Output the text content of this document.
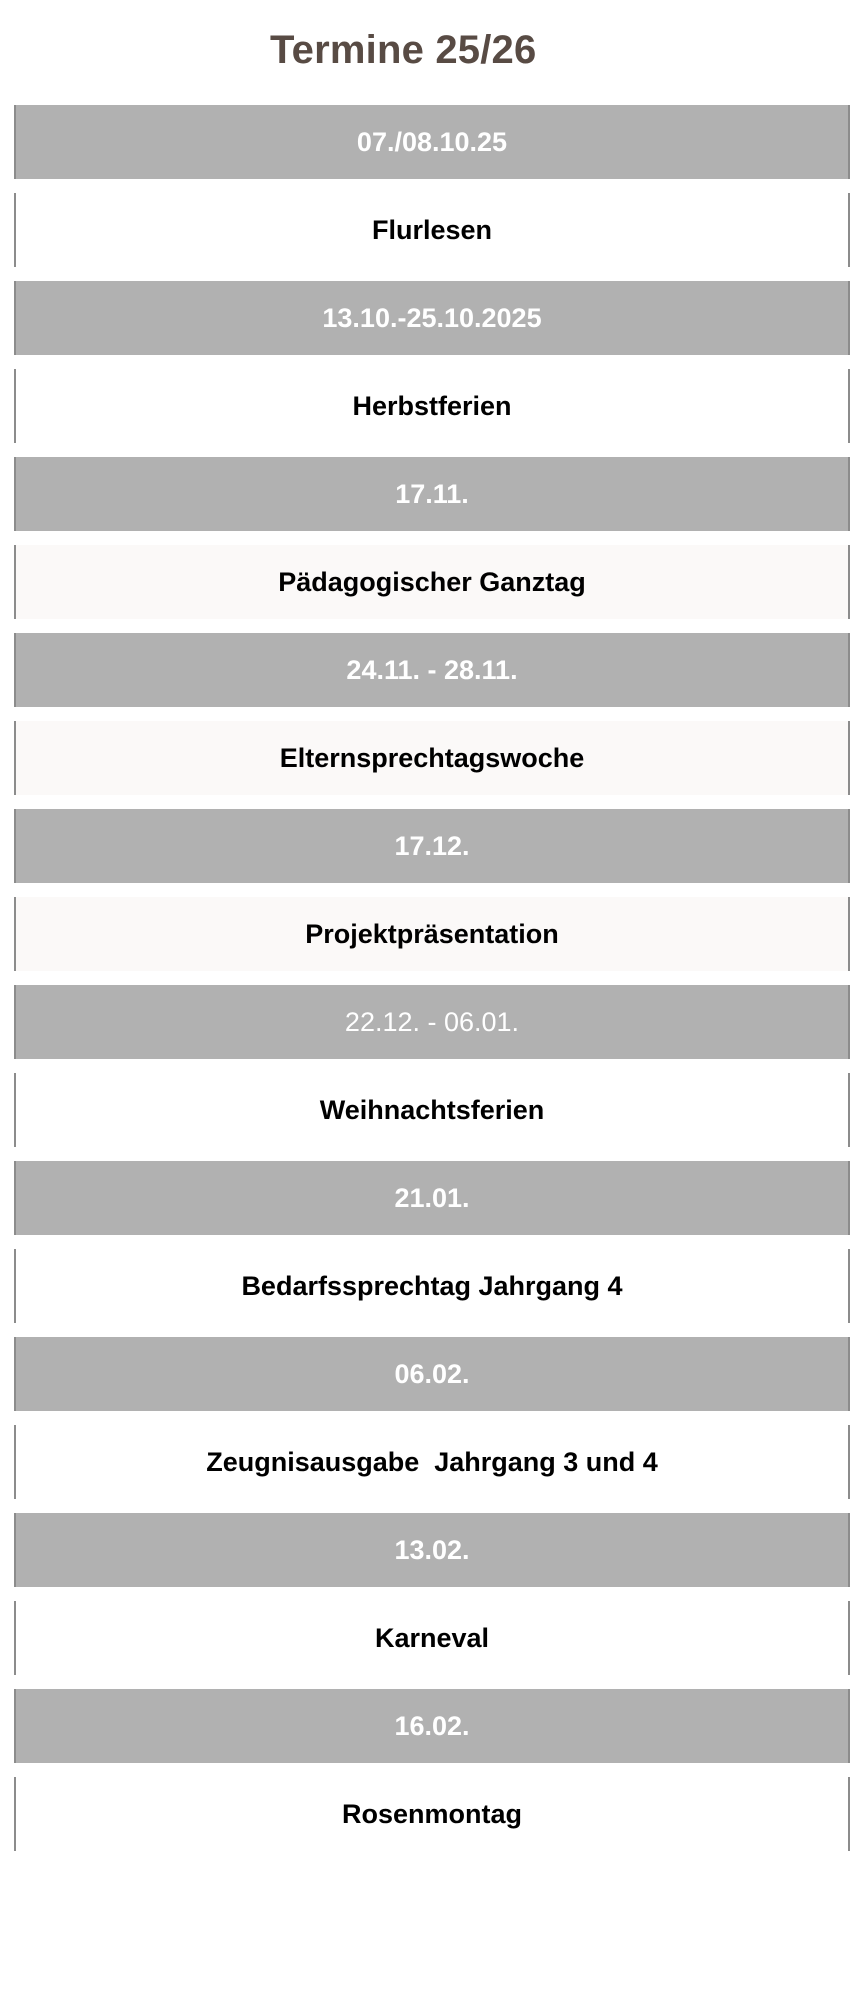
Termine 25/26
07./08.10.25
Flurlesen
13.10.-25.10.2025
Herbstferien
17.11.
Pädagogischer Ganztag
24.11. - 28.11.
Elternsprechtagswoche
17.12.
Projektpräsentation
22.12. - 06.01.
Weihnachtsferien
21.01.
Bedarfssprechtag Jahrgang 4
06.02.
Zeugnisausgabe  Jahrgang 3 und 4
13.02.
Karneval
16.02.
Rosenmontag
